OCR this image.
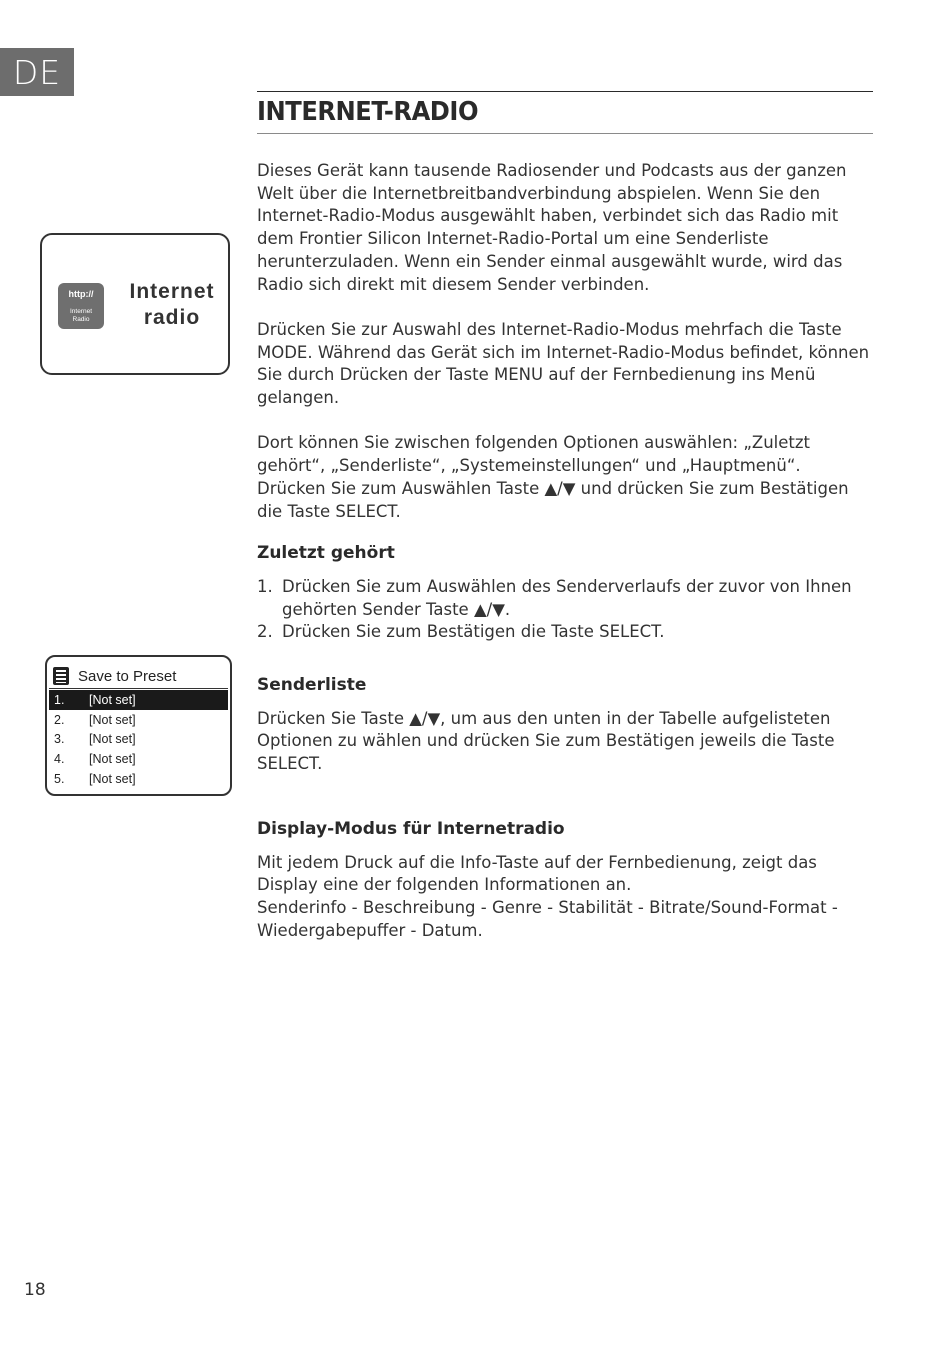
DE
INTERNET-RADIO

Dieses Gerät kann tausende Radiosender und Podcasts aus der ganzen Welt über die Internetbreitbandverbindung abspielen. Wenn Sie den Internet-Radio-Modus ausgewählt haben, verbindet sich das Radio mit dem Frontier Silicon Internet-Radio-Portal um eine Senderliste herunterzuladen. Wenn ein Sender einmal ausgewählt wurde, wird das Radio sich direkt mit diesem Sender verbinden.

Drücken Sie zur Auswahl des Internet-Radio-Modus mehrfach die Taste MODE. Während das Gerät sich im Internet-Radio-Modus befindet, können Sie durch Drücken der Taste MENU auf der Fernbedienung ins Menü gelangen.

Dort können Sie zwischen folgenden Optionen auswählen: „Zuletzt gehört“, „Senderliste“, „Systemeinstellungen“ und „Hauptmenü“.

Drücken Sie zum Auswählen Taste ▲/▼ und drücken Sie zum Bestätigen die Taste SELECT.

Zuletzt gehört

1. Drücken Sie zum Auswählen des Senderverlaufs der zuvor von Ihnen gehörten Sender Taste ▲/▼.
2. Drücken Sie zum Bestätigen die Taste SELECT.

Senderliste

Drücken Sie Taste ▲/▼, um aus den unten in der Tabelle aufgelisteten Optionen zu wählen und drücken Sie zum Bestätigen jeweils die Taste SELECT.

Display-Modus für Internetradio

Mit jedem Druck auf die Info-Taste auf der Fernbedienung, zeigt das Display eine der folgenden Informationen an.

Senderinfo - Beschreibung - Genre - Stabilität - Bitrate/Sound-Format - Wiedergabepuffer - Datum.

http://
Internet
Radio
Internet
radio
Save to Preset
1.	[Not set]
2.	[Not set]
3.	[Not set]
4.	[Not set]
5.	[Not set]
18
